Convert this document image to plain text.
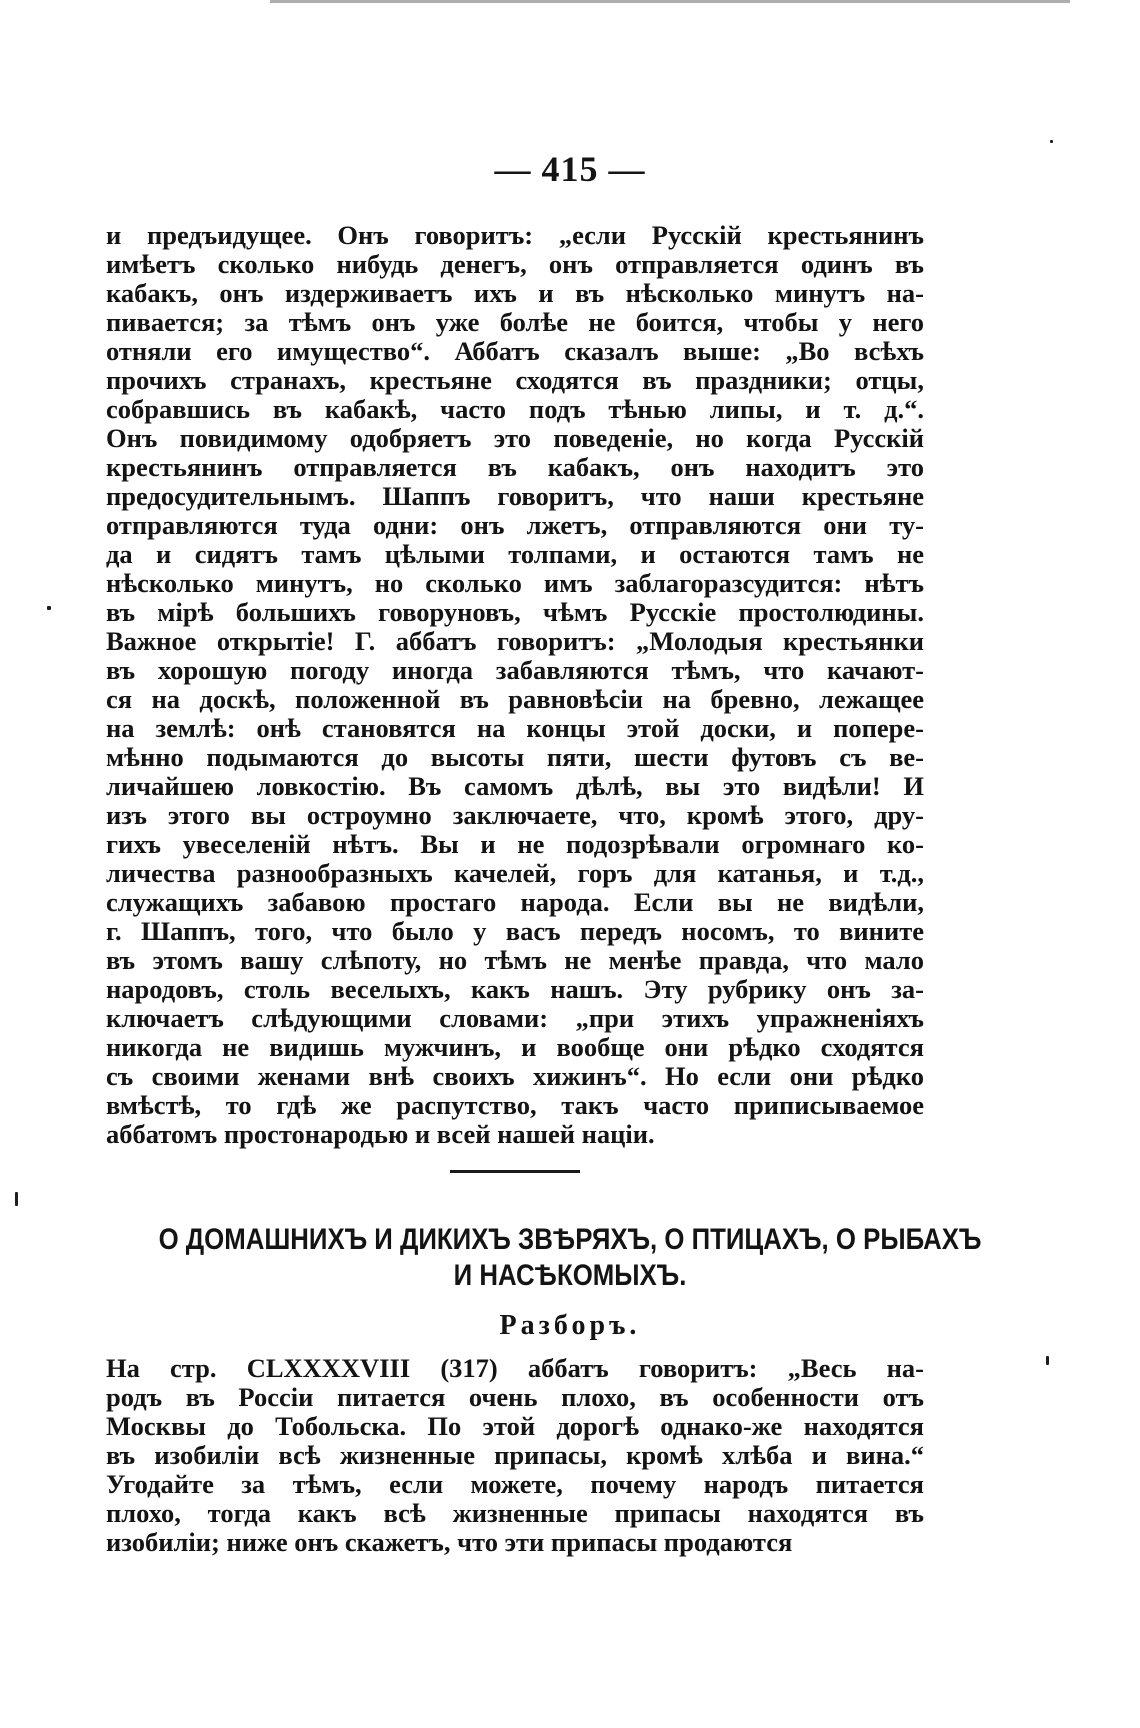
— 415 —
и предъидущее. Онъ говоритъ: „если Русскій крестьянинъ
имѣетъ сколько нибудь денегъ, онъ отправляется одинъ въ
кабакъ, онъ издерживаетъ ихъ и въ нѣсколько минутъ на-
пивается; за тѣмъ онъ уже болѣе не боится, чтобы у него
отняли его имущество“. Аббатъ сказалъ выше: „Во всѣхъ
прочихъ странахъ, крестьяне сходятся въ праздники; отцы,
собравшись въ кабакѣ, часто подъ тѣнью липы, и т. д.“.
Онъ повидимому одобряетъ это поведеніе, но когда Русскій
крестьянинъ отправляется въ кабакъ, онъ находитъ это
предосудительнымъ. Шаппъ говоритъ, что наши крестьяне
отправляются туда одни: онъ лжетъ, отправляются они ту-
да и сидятъ тамъ цѣлыми толпами, и остаются тамъ не
нѣсколько минутъ, но сколько имъ заблагоразсудится: нѣтъ
въ мірѣ большихъ говоруновъ, чѣмъ Русскіе простолюдины.
Важное открытіе! Г. аббатъ говоритъ: „Молодыя крестьянки
въ хорошую погоду иногда забавляются тѣмъ, что качают-
ся на доскѣ, положенной въ равновѣсіи на бревно, лежащее
на землѣ: онѣ становятся на концы этой доски, и попере-
мѣнно подымаются до высоты пяти, шести футовъ съ ве-
личайшею ловкостію. Въ самомъ дѣлѣ, вы это видѣли! И
изъ этого вы остроумно заключаете, что, кромѣ этого, дру-
гихъ увеселеній нѣтъ. Вы и не подозрѣвали огромнаго ко-
личества разнообразныхъ качелей, горъ для катанья, и т.д.,
служащихъ забавою простаго народа. Если вы не видѣли,
г. Шаппъ, того, что было у васъ передъ носомъ, то вините
въ этомъ вашу слѣпоту, но тѣмъ не менѣе правда, что мало
народовъ, столь веселыхъ, какъ нашъ. Эту рубрику онъ за-
ключаетъ слѣдующими словами: „при этихъ упражненіяхъ
никогда не видишь мужчинъ, и вообще они рѣдко сходятся
съ своими женами внѣ своихъ хижинъ“. Но если они рѣдко
вмѣстѣ, то гдѣ же распутство, такъ часто приписываемое
аббатомъ простонародью и всей нашей націи.
О ДОМАШНИХЪ И ДИКИХЪ ЗВѢРЯХЪ, О ПТИЦАХЪ, О РЫБАХЪ
И НАСѢКОМЫХЪ.
Разборъ.
На стр. CLXXXXVIII (317) аббатъ говоритъ: „Весь на-
родъ въ Россіи питается очень плохо, въ особенности отъ
Москвы до Тобольска. По этой дорогѣ однако-же находятся
въ изобиліи всѣ жизненные припасы, кромѣ хлѣба и вина.“
Угодайте за тѣмъ, если можете, почему народъ питается
плохо, тогда какъ всѣ жизненные припасы находятся въ
изобиліи; ниже онъ скажетъ, что эти припасы продаются
